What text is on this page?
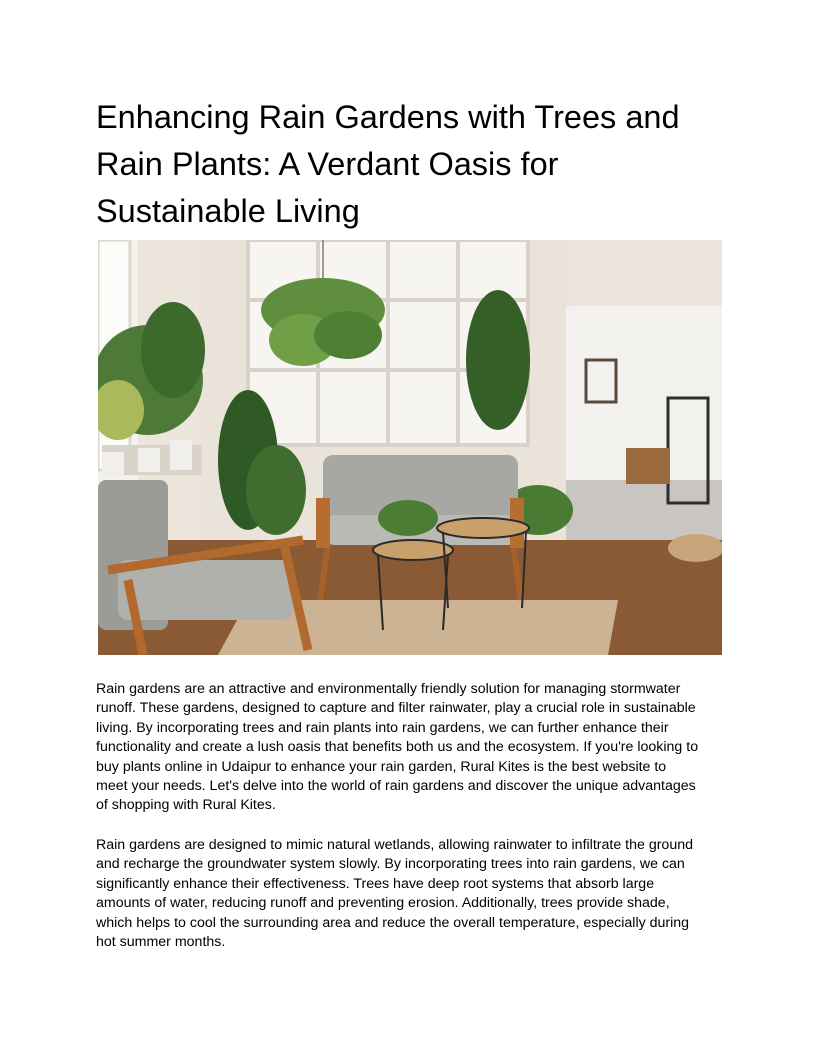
Enhancing Rain Gardens with Trees and
Rain Plants: A Verdant Oasis for
Sustainable Living

Rain gardens are an attractive and environmentally friendly solution for managing stormwater
runoff. These gardens, designed to capture and filter rainwater, play a crucial role in sustainable
living. By incorporating trees and rain plants into rain gardens, we can further enhance their
functionality and create a lush oasis that benefits both us and the ecosystem. If you're looking to
buy plants online in Udaipur to enhance your rain garden, Rural Kites is the best website to
meet your needs. Let's delve into the world of rain gardens and discover the unique advantages
of shopping with Rural Kites.

Rain gardens are designed to mimic natural wetlands, allowing rainwater to infiltrate the ground
and recharge the groundwater system slowly. By incorporating trees into rain gardens, we can
significantly enhance their effectiveness. Trees have deep root systems that absorb large
amounts of water, reducing runoff and preventing erosion. Additionally, trees provide shade,
which helps to cool the surrounding area and reduce the overall temperature, especially during
hot summer months.
